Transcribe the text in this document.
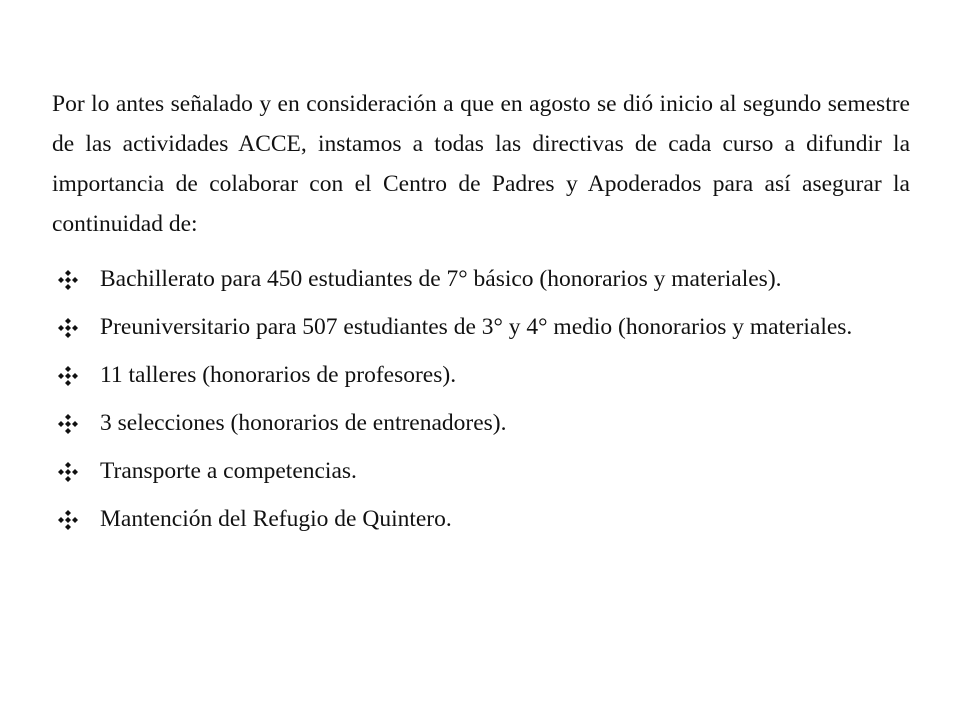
Por lo antes señalado y en consideración a que en agosto se dió inicio al segundo semestre de las actividades ACCE, instamos a todas las directivas de cada curso a difundir la importancia de colaborar con el Centro de Padres y Apoderados para así asegurar la continuidad de:

Bachillerato para 450 estudiantes de 7° básico (honorarios y materiales).
Preuniversitario para 507 estudiantes de 3° y 4° medio (honorarios y materiales.
11 talleres (honorarios de profesores).
3 selecciones (honorarios de entrenadores).
Transporte a competencias.
Mantención del Refugio de Quintero.
